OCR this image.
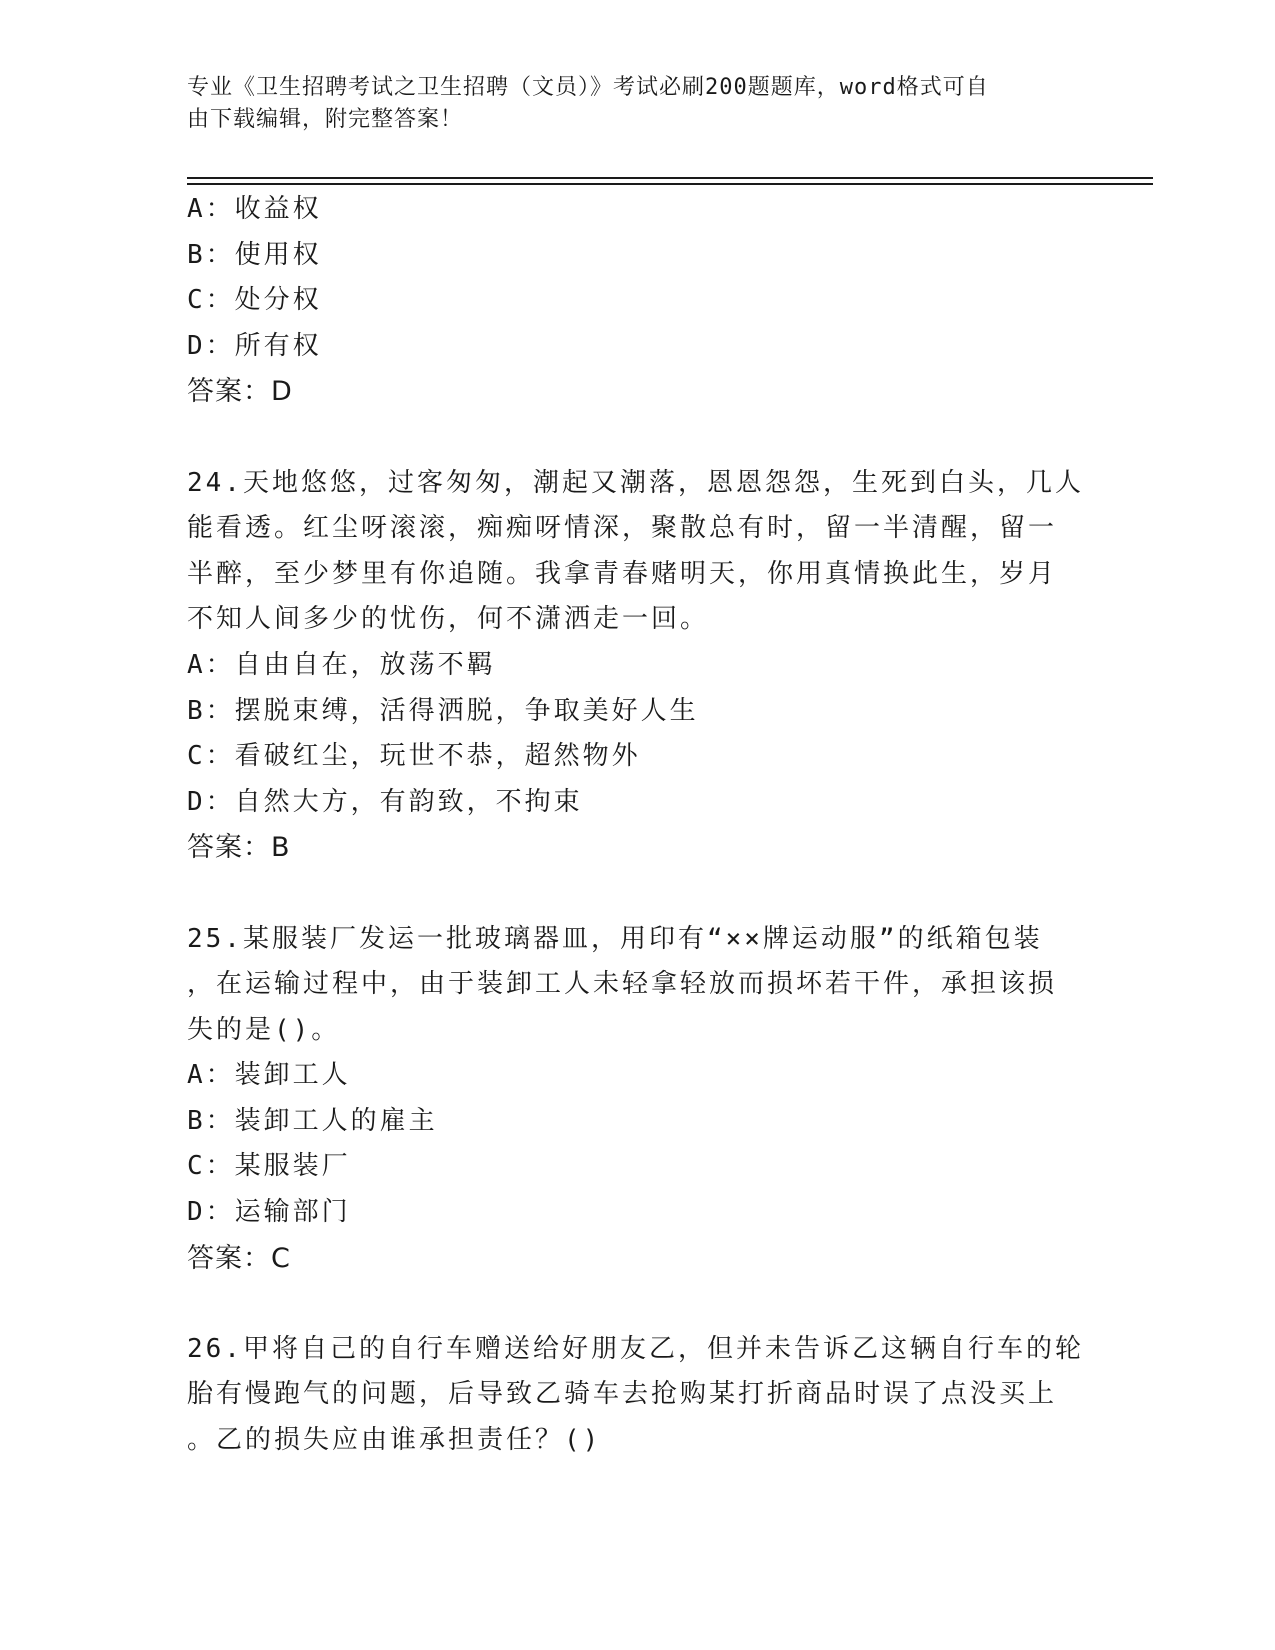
专业《卫生招聘考试之卫生招聘（文员）》考试必刷200题题库，word格式可自
由下载编辑，附完整答案！
A：收益权
B：使用权
C：处分权
D：所有权
答案：D
24.天地悠悠，过客匆匆，潮起又潮落，恩恩怨怨，生死到白头，几人
能看透。红尘呀滚滚，痴痴呀情深，聚散总有时，留一半清醒，留一
半醉，至少梦里有你追随。我拿青春赌明天，你用真情换此生，岁月
不知人间多少的忧伤，何不潇洒走一回。
A：自由自在，放荡不羁
B：摆脱束缚，活得洒脱，争取美好人生
C：看破红尘，玩世不恭，超然物外
D：自然大方，有韵致，不拘束
答案：B
25.某服装厂发运一批玻璃器皿，用印有“××牌运动服”的纸箱包装
，在运输过程中，由于装卸工人未轻拿轻放而损坏若干件，承担该损
失的是()。
A：装卸工人
B：装卸工人的雇主
C：某服装厂
D：运输部门
答案：C
26.甲将自己的自行车赠送给好朋友乙，但并未告诉乙这辆自行车的轮
胎有慢跑气的问题，后导致乙骑车去抢购某打折商品时误了点没买上
。乙的损失应由谁承担责任？()
